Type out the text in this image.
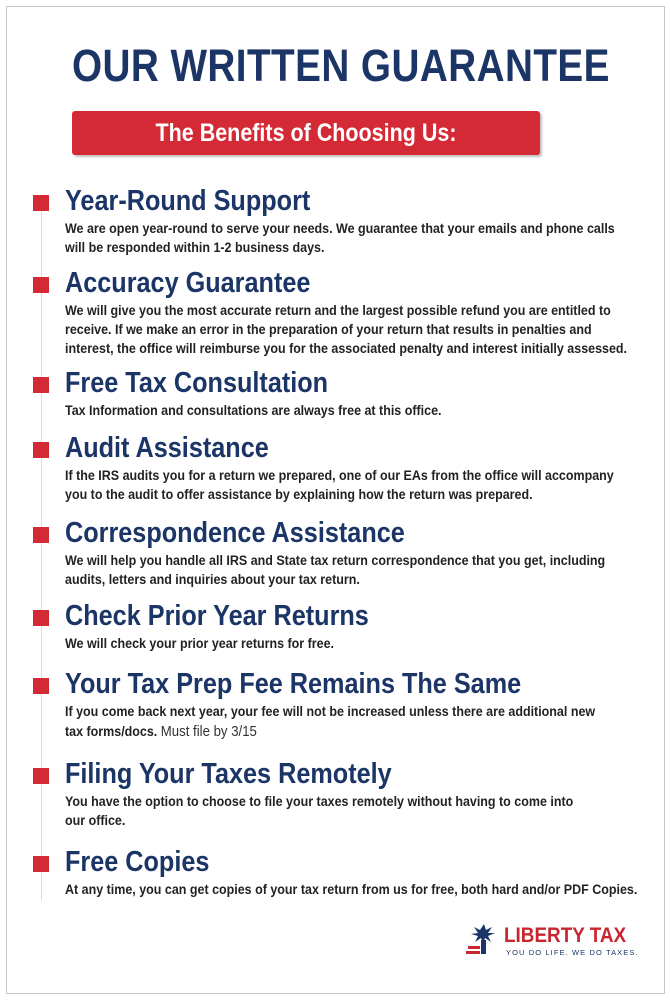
OUR WRITTEN GUARANTEE
The Benefits of Choosing Us:
Year-Round Support

We are open year-round to serve your needs. We guarantee that your emails and phone calls
will be responded within 1-2 business days.

Accuracy Guarantee

We will give you the most accurate return and the largest possible refund you are entitled to
receive. If we make an error in the preparation of your return that results in penalties and
interest, the office will reimburse you for the associated penalty and interest initially assessed.

Free Tax Consultation

Tax Information and consultations are always free at this office.

Audit Assistance

If the IRS audits you for a return we prepared, one of our EAs from the office will accompany
you to the audit to offer assistance by explaining how the return was prepared.

Correspondence Assistance

We will help you handle all IRS and State tax return correspondence that you get, including
audits, letters and inquiries about your tax return.

Check Prior Year Returns

We will check your prior year returns for free.

Your Tax Prep Fee Remains The Same

If you come back next year, your fee will not be increased unless there are additional new
tax forms/docs. Must file by 3/15

Filing Your Taxes Remotely

You have the option to choose to file your taxes remotely without having to come into
our office.

Free Copies

At any time, you can get copies of your tax return from us for free, both hard and/or PDF Copies.

LIBERTY TAX
YOU DO LIFE. WE DO TAXES.
